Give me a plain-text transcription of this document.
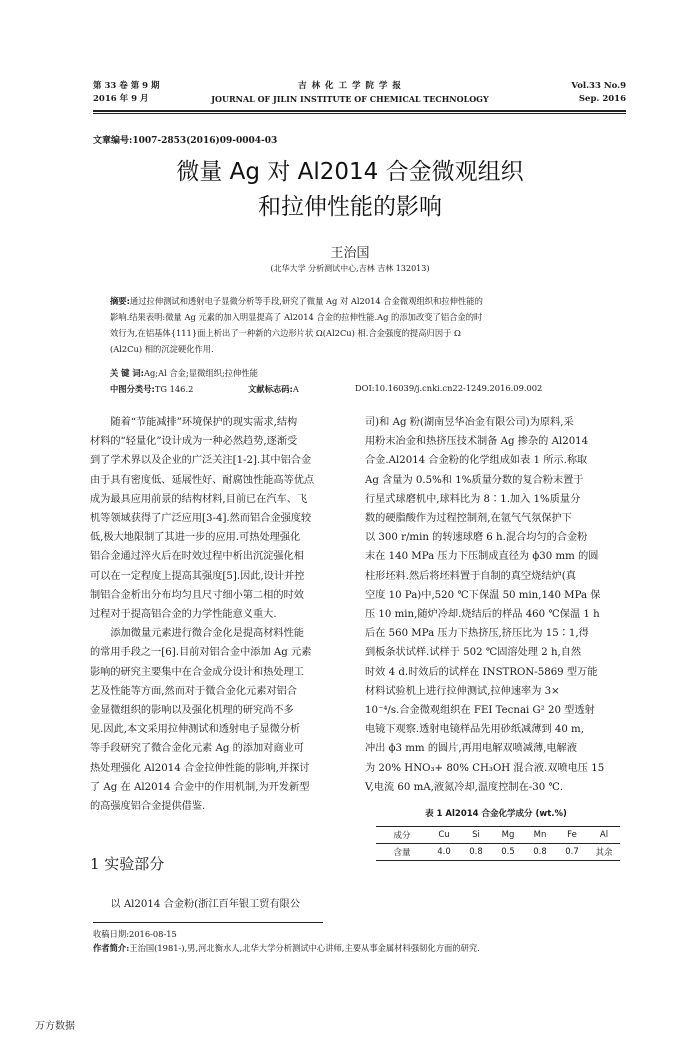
第 33 卷 第 9 期
2016 年 9 月
吉 林 化 工 学 院 学 报
JOURNAL OF JILIN INSTITUTE OF CHEMICAL TECHNOLOGY
Vol.33 No.9
Sep. 2016
文章编号:1007-2853(2016)09-0004-03
微量 Ag 对 Al2014 合金微观组织
和拉伸性能的影响
王治国
(北华大学 分析测试中心,吉林 吉林 132013)
摘要:通过拉伸测试和透射电子显微分析等手段,研究了微量 Ag 对 Al2014 合金微观组织和拉伸性能的
影响.结果表明:微量 Ag 元素的加入明显提高了 Al2014 合金的拉伸性能.Ag 的添加改变了铝合金的时
效行为,在铝基体{111}面上析出了一种新的六边形片状 Ω(Al2Cu) 相.合金强度的提高归因于 Ω
(Al2Cu) 相的沉淀硬化作用.
关 键 词:Ag;Al 合金;显微组织;拉伸性能
中图分类号:TG 146.2	文献标志码:A	DOI:10.16039/j.cnki.cn22-1249.2016.09.002

随着“节能减排”环境保护的现实需求,结构

材料的“轻量化”设计成为一种必然趋势,逐渐受
到了学术界以及企业的广泛关注[1-2].其中铝合金
由于具有密度低、延展性好、耐腐蚀性能高等优点
成为最具应用前景的结构材料,目前已在汽车、飞
机等领域获得了广泛应用[3-4].然而铝合金强度较
低,极大地限制了其进一步的应用.可热处理强化
铝合金通过淬火后在时效过程中析出沉淀强化相
可以在一定程度上提高其强度[5].因此,设计并控
制铝合金析出分布均匀且尺寸细小第二相的时效
过程对于提高铝合金的力学性能意义重大.

添加微量元素进行微合金化是提高材料性能

的常用手段之一[6].目前对铝合金中添加 Ag 元素
影响的研究主要集中在合金成分设计和热处理工
艺及性能等方面,然而对于微合金化元素对铝合
金显微组织的影响以及强化机理的研究尚不多
见.因此,本文采用拉伸测试和透射电子显微分析
等手段研究了微合金化元素 Ag 的添加对商业可
热处理强化 Al2014 合金拉伸性能的影响,并探讨
了 Ag 在 Al2014 合金中的作用机制,为开发新型
的高强度铝合金提供借鉴.
1 实验部分

以 Al2014 合金粉(浙江百年银工贸有限公

司)和 Ag 粉(湖南昱华冶金有限公司)为原料,采
用粉末冶金和热挤压技术制备 Ag 掺杂的 Al2014
合金.Al2014 合金粉的化学组成如表 1 所示.称取
Ag 含量为 0.5%和 1%质量分数的复合粉末置于
行星式球磨机中,球料比为 8∶1.加入 1%质量分
数的硬脂酸作为过程控制剂,在氩气气氛保护下
以 300 r/min 的转速球磨 6 h.混合均匀的合金粉
末在 140 MPa 压力下压制成直径为 ϕ30 mm 的圆
柱形坯料.然后将坯料置于自制的真空烧结炉(真
空度 10 Pa)中,520 ℃下保温 50 min,140 MPa 保
压 10 min,随炉冷却.烧结后的样品 460 ℃保温 1 h
后在 560 MPa 压力下热挤压,挤压比为 15∶1,得
到板条状试样.试样于 502 ℃固溶处理 2 h,自然
时效 4 d.时效后的试样在 INSTRON-5869 型万能
材料试验机上进行拉伸测试,拉伸速率为 3×
10⁻⁴/s.合金微观组织在 FEI Tecnai G² 20 型透射
电镜下观察.透射电镜样品先用砂纸减薄到 40 m,
冲出 ϕ3 mm 的圆片,再用电解双喷减薄,电解液
为 20% HNO₃+ 80% CH₃OH 混合液.双喷电压 15
V,电流 60 mA,液氮冷却,温度控制在-30 ℃.
表 1 Al2014 合金化学成分 (wt.%)
成分	Cu	Si	Mg	Mn	Fe	Al
含量	4.0	0.8	0.5	0.8	0.7	其余
收稿日期:2016-08-15
作者简介:王治国(1981-),男,河北衡水人,北华大学分析测试中心讲师,主要从事金属材料强韧化方面的研究.
万方数据
